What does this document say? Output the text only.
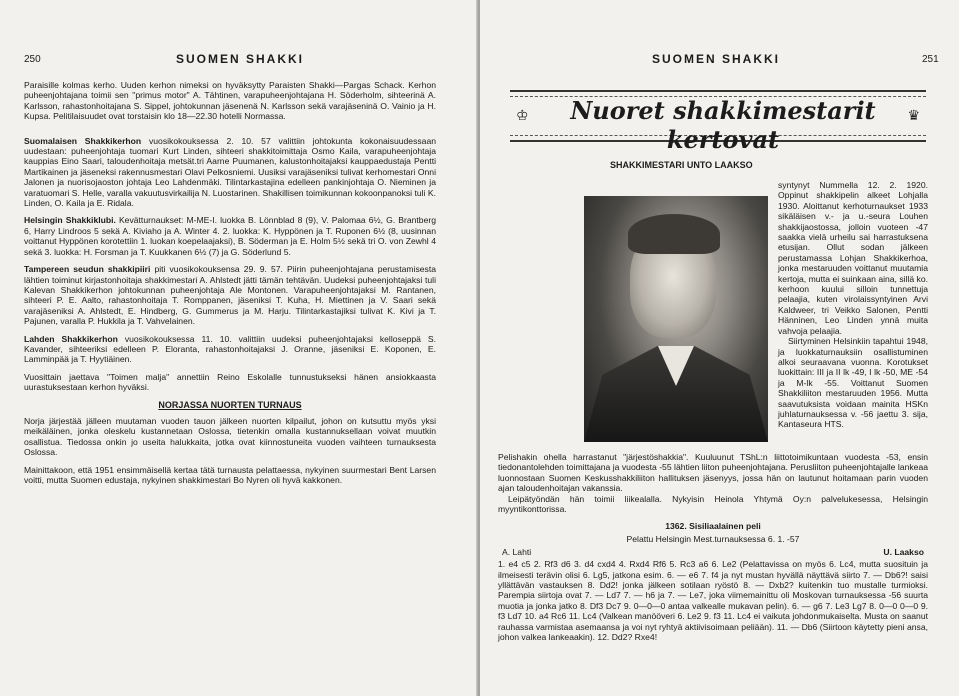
250	SUOMEN SHAKKI

Paraisille kolmas kerho. Uuden kerhon nimeksi on hyväksytty Paraisten Shakki—Pargas Schack. Kerhon puheenjohtajana toimii sen "primus motor" A. Tähtinen, varapuheenjohtajana H. Söderholm, sihteerinä A. Karlsson, rahastonhoitajana S. Sippel, johtokunnan jäsenenä N. Karlsson sekä varajäseninä O. Vainio ja H. Kupsa. Pelitilaisuudet ovat torstaisin klo 18—22.30 hotelli Normassa.

Suomalaisen Shakkikerhon vuosikokouksessa 2. 10. 57 valittiin johtokunta kokonaisuudessaan uudestaan: puheenjohtaja tuomari Kurt Linden, sihteeri shakkitoimittaja Osmo Kaila, varapuheenjohtaja kauppias Eino Saari, taloudenhoitaja metsät.tri Aarne Puumanen, kalustonhoitajaksi kauppaedustaja Pentti Martikainen ja jäseneksi rakennusmestari Olavi Pelkosniemi. Uusiksi varajäseniksi tulivat kerhomestari Onni Jalonen ja nuorisojaoston johtaja Leo Lahdenmäki. Tilintarkastajina edelleen pankinjohtaja O. Nieminen ja varatuomari S. Helle, varalla vakuutusvirkailija N. Luostarinen. Shakillisen toimikunnan kokoonpanoksi tuli K. Linden, O. Kaila ja E. Ridala.

Helsingin Shakkiklubi. Kevätturnaukset: M-ME-I. luokka B. Lönnblad 8 (9), V. Palomaa 6½, G. Brantberg 6, Harry Lindroos 5 sekä A. Kiviaho ja A. Winter 4. 2. luokka: K. Hyppönen ja T. Ruponen 6½ (8, uusinnan voittanut Hyppönen korotettiin 1. luokan koepelaajaksi), B. Söderman ja E. Holm 5½ sekä tri O. von Zewhl 4 sekä 3. luokka: H. Forsman ja T. Kuukkanen 6½ (7) ja G. Söderlund 5.

Tampereen seudun shakkipiiri piti vuosikokouksensa 29. 9. 57. Piirin puheenjohtajana perustamisesta lähtien toiminut kirjastonhoitaja shakkimestari A. Ahlstedt jätti tämän tehtävän. Uudeksi puheenjohtajaksi tuli Kalevan Shakkikerhon johtokunnan puheenjohtaja Ale Montonen. Varapuheenjohtajaksi M. Rantanen, sihteeri P. E. Aalto, rahastonhoitaja T. Romppanen, jäseniksi T. Kuha, H. Miettinen ja V. Saari sekä varajäseniksi A. Ahlstedt, E. Hindberg, G. Gummerus ja M. Harju. Tilintarkastajiksi tulivat K. Kivi ja T. Pajunen, varalla P. Hukkila ja T. Vahvelainen.

Lahden Shakkikerhon vuosikokouksessa 11. 10. valittiin uudeksi puheenjohtajaksi kelloseppä S. Kavander, sihteeriksi edelleen P. Eloranta, rahastonhoitajaksi J. Oranne, jäseniksi E. Koponen, E. Lamminpää ja T. Hyytiäinen.

Vuosittain jaettava "Toimen malja" annettiin Reino Eskolalle tunnustukseksi hänen ansiokkaasta uurastuksestaan kerhon hyväksi.

NORJASSA NUORTEN TURNAUS

Norja järjestää jälleen muutaman vuoden tauon jälkeen nuorten kilpailut, johon on kutsuttu myös yksi meikäläinen, jonka oleskelu kustannetaan Oslossa, tietenkin omalla kustannuksellaan voivat muutkin osallistua. Tiedossa onkin jo useita halukkaita, jotka ovat kiinnostuneita vuoden vaihteen turnauksesta Oslossa.

Mainittakoon, että 1951 ensimmäisellä kertaa tätä turnausta pelattaessa, nykyinen suurmestari Bent Larsen voitti, mutta Suomen edustaja, nykyinen shakkimestari Bo Nyren oli hyvä kakkonen.

SUOMEN SHAKKI	251
♔	Nuoret shakkimestarit kertovat
♛
SHAKKIMESTARI UNTO LAAKSO

syntynyt Nummella 12. 2. 1920. Oppinut shakkipelin alkeet Lohjalla 1930. Aloittanut kerhoturnaukset 1933 sikäläisen v.- ja u.-seura Louhen shakkijaostossa, jolloin vuoteen -47 saakka vielä urheilu sai harrastuksena etusijan. Ollut sodan jälkeen perustamassa Lohjan Shakkikerhoa, jonka mestaruuden voittanut muutamia kertoja, mutta ei suinkaan aina, sillä ko. kerhoon kuului silloin tunnettuja pelaajia, kuten virolaissyntyinen Arvi Kaldweer, tri Veikko Salonen, Pentti Hänninen, Leo Linden ynnä muita vahvoja pelaajia.

Siirtyminen Helsinkiin tapahtui 1948, ja luokkaturnauksiin osallistuminen alkoi seuraavana vuonna. Korotukset luokittain: III ja II lk -49, I lk -50, ME -54 ja M-lk -55. Voittanut Suomen Shakkiliiton mestaruuden 1956. Mutta saavutuksista voidaan mainita HSKn juhlaturnauksessa v. -56 jaettu 3. sija, Kantaseura HTS.

Pelishakin ohella harrastanut "järjestöshakkia". Kuuluunut TShL:n liittotoimikuntaan vuodesta -53, ensin tiedonantolehden toimittajana ja vuodesta -55 lähtien liiton puheenjohtajana. Perusliiton puheenjohtajalle lankeaa luonnostaan Suomen Keskusshakkiliiton hallituksen jäsenyys, jossa hän on lautunut hoitamaan parin vuoden ajan taloudenhoitajan vakanssia.

Leipätyöndän hän toimii liikealalla. Nykyisin Heinola Yhtymä Oy:n palvelukesessa, Helsingin myyntikonttorissa.

1362. Sisiliaalainen peli
Pelattu Helsingin Mest.turnauksessa 6. 1. -57
A. Lahti	U. Laakso

1. e4 c5 2. Rf3 d6 3. d4 cxd4 4. Rxd4 Rf6 5. Rc3 a6 6. Le2 (Pelattavissa on myös 6. Lc4, mutta suosituin ja ilmeisesti terävin olisi 6. Lg5, jatkona esim. 6. — e6 7. f4 ja nyt mustan hyvällä näyttävä siirto 7. — Db6?! saisi yllättävän vastauksen 8. Dd2! jonka jälkeen sotilaan ryöstö 8. — Dxb2? kuitenkin tuo mustalle turmioksi. Parempia siirtoja ovat 7. — Ld7 7. — h6 ja 7. — Le7, joka viimemainittu oli Moskovan turnauksessa -56 suurta muotia ja jonka jatko 8. Df3 Dc7 9. 0—0—0 antaa valkealle mukavan pelin). 6. — g6 7. Le3 Lg7 8. 0—0 0—0 9. f3 Ld7 10. a4 Rc6 11. Lc4 (Valkean manööveri 6. Le2 9. f3 11. Lc4 ei vaikuta johdonmukaiselta. Musta on saanut rauhassa varmistaa asemaansa ja voi nyt ryhtyä aktiivisoimaan peliään). 11. — Db6 (Siirtoon käytetty pieni ansa, johon valkea lankeaakin). 12. Dd2? Rxe4!
